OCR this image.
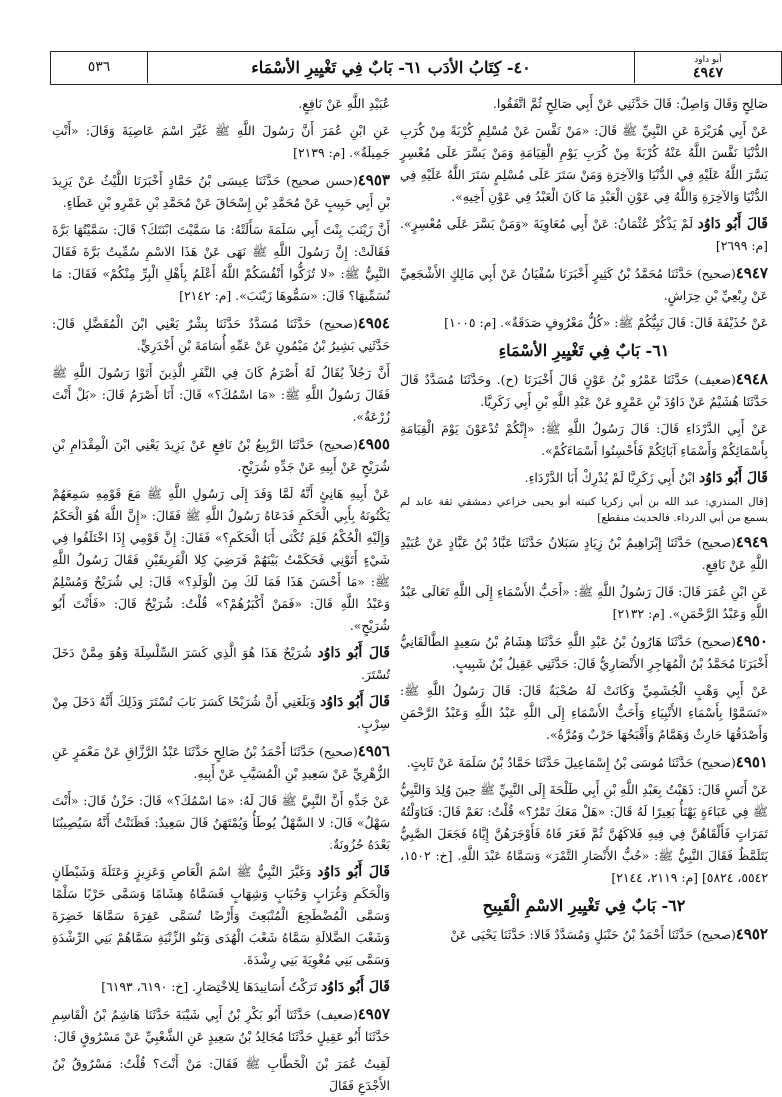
أبو داود
٤٩٤٧
٤٠- كِتَابُ الأدَب ٦١- بَابٌ فِي تَغْيِيرِ الأسْمَاء
٥٣٦

صَالِحٍ وَقَالَ وَاصِلٌ: قَالَ حَدَّثَنِي عَنْ أَبِي صَالِحٍ ثُمَّ اتَّفَقُوا.

عَنْ أَبِي هُرَيْرَةَ عَنِ النَّبِيِّ ﷺ قَالَ: «مَنْ نَفَّسَ عَنْ مُسْلِمٍ كُرْبَةً مِنْ كُرَبِ الدُّنْيَا نَفَّسَ اللَّهُ عَنْهُ كُرْبَةً مِنْ كُرَبِ يَوْمِ الْقِيَامَةِ وَمَنْ يَسَّرَ عَلَى مُعْسِرٍ يَسَّرَ اللَّهُ عَلَيْهِ فِي الدُّنْيَا وَالآخِرَةِ وَمَنْ سَتَرَ عَلَى مُسْلِمٍ سَتَرَ اللَّهُ عَلَيْهِ فِي الدُّنْيَا وَالآخِرَةِ وَاللَّهُ فِي عَوْنِ الْعَبْدِ مَا كَانَ الْعَبْدُ فِي عَوْنِ أَخِيهِ».

قَالَ أَبُو دَاوُد لَمْ يَذْكُرْ عُثْمَانُ: عَنْ أَبِي مُعَاوِيَةَ «وَمَنْ يَسَّرَ عَلَى مُعْسِرٍ». [م: ٢٦٩٩]

٤٩٤٧(صحيح) حَدَّثَنَا مُحَمَّدُ بْنُ كَثِيرٍ أَخْبَرَنَا سُفْيَانُ عَنْ أَبِي مَالِكٍ الأَشْجَعِيِّ عَنْ رِبْعِيِّ بْنِ حِرَاشٍ.

عَنْ حُذَيْفَةَ قَالَ: قَالَ نَبِيُّكُمْ ﷺ: «كُلُّ مَعْرُوفٍ صَدَقَةٌ». [م: ١٠٠٥]

٦١- بَابٌ فِي تَغْيِيرِ الأسْمَاءِ

٤٩٤٨(ضعيف) حَدَّثَنَا عَمْرُو بْنُ عَوْنٍ قَالَ أَخْبَرَنَا (ح). وحَدَّثَنَا مُسَدَّدٌ قَالَ حَدَّثَنَا هُشَيْمٌ عَنْ دَاوُدَ بْنِ عَمْرٍو عَنْ عَبْدِ اللَّهِ بْنِ أَبِي زَكَرِيَّا.

عَنْ أَبِي الدَّرْدَاءِ قَالَ: قَالَ رَسُولُ اللَّهِ ﷺ: «إِنَّكُمْ تُدْعَوْنَ يَوْمَ الْقِيَامَةِ بِأَسْمَائِكُمْ وَأَسْمَاءِ آبَائِكُمْ فَأَحْسِنُوا أَسْمَاءَكُمْ».

قَالَ أَبُو دَاوُد ابْنُ أَبِي زَكَرِيَّا لَمْ يُدْرِكْ أَبَا الدَّرْدَاءِ.

[قال المنذري: عبد الله بن أبي زكريا كنيته أبو يحيى خزاعي دمشقي ثقة عابد لم يسمع من أبي الدرداء. فالحديث منقطع]

٤٩٤٩(صحيح) حَدَّثَنَا إِبْرَاهِيمُ بْنُ زِيَادٍ سَبَلانُ حَدَّثَنَا عَبَّادُ بْنُ عَبَّادٍ عَنْ عُبَيْدِ اللَّهِ عَنْ نَافِعٍ.

عَنِ ابْنِ عُمَرَ قَالَ: قَالَ رَسُولُ اللَّهِ ﷺ: «أَحَبُّ الأَسْمَاءِ إِلَى اللَّهِ تَعَالَى عَبْدُ اللَّهِ وَعَبْدُ الرَّحْمَنِ». [م: ٢١٣٢]

٤٩٥٠(صحيح) حَدَّثَنَا هَارُونُ بْنُ عَبْدِ اللَّهِ حَدَّثَنَا هِشَامُ بْنُ سَعِيدٍ الطَّالَقَانِيُّ أَخْبَرَنَا مُحَمَّدُ بْنُ الْمُهَاجِرِ الأَنْصَارِيُّ قَالَ: حَدَّثَنِي عَقِيلُ بْنُ شَبِيبٍ.

عَنْ أَبِي وَهْبٍ الْجُشَمِيِّ وَكَانَتْ لَهُ صُحْبَةٌ قَالَ: قَالَ رَسُولُ اللَّهِ ﷺ: «تَسَمَّوْا بِأَسْمَاءِ الأَنْبِيَاءِ وَأَحَبُّ الأَسْمَاءِ إِلَى اللَّهِ عَبْدُ اللَّهِ وَعَبْدُ الرَّحْمَنِ وَأَصْدَقُهَا حَارِثٌ وَهَمَّامٌ وَأَقْبَحُهَا حَرْبٌ وَمُرَّةُ».

٤٩٥١(صحيح) حَدَّثَنَا مُوسَى بْنُ إِسْمَاعِيلَ حَدَّثَنَا حَمَّادُ بْنُ سَلَمَةَ عَنْ ثَابِتٍ.

عَنْ أَنَسٍ قَالَ: ذَهَبْتُ بِعَبْدِ اللَّهِ بْنِ أَبِي طَلْحَةَ إِلَى النَّبِيِّ ﷺ حِينَ وُلِدَ وَالنَّبِيُّ ﷺ فِي عَبَاءَةٍ يَهْنَأُ بَعِيرًا لَهُ قَالَ: «هَلْ مَعَكَ تَمْرٌ؟» قُلْتُ: نَعَمْ قَالَ: فَنَاوَلْتُهُ تَمَرَاتٍ فَأَلْقَاهُنَّ فِي فِيهِ فَلاكَهُنَّ ثُمَّ فَغَرَ فَاهُ فَأَوْجَرَهُنَّ إِيَّاهُ فَجَعَلَ الصَّبِيُّ يَتَلَمَّظُ فَقَالَ النَّبِيُّ ﷺ: «حُبُّ الأَنْصَارِ التَّمْرَ» وَسَمَّاهُ عَبْدَ اللَّهِ. [خ: ١٥٠٢، ٥٥٤٢، ٥٨٢٤] [م: ٢١١٩، ٢١٤٤]

٦٢- بَابٌ فِي تَغْيِيرِ الاسْمِ الْقَبِيحِ

٤٩٥٢(صحيح) حَدَّثَنَا أَحْمَدُ بْنُ حَنْبَلٍ وَمُسَدَّدٌ قَالا: حَدَّثَنَا يَحْيَى عَنْ

عُبَيْدِ اللَّهِ عَنْ نَافِعٍ.

عَنِ ابْنِ عُمَرَ أَنَّ رَسُولَ اللَّهِ ﷺ غَيَّرَ اسْمَ عَاصِيَةَ وَقَالَ: «أَنْتِ جَمِيلَةُ». [م: ٢١٣٩]

٤٩٥٣(حسن صحيح) حَدَّثَنَا عِيسَى بْنُ حَمَّادٍ أَخْبَرَنَا اللَّيْثُ عَنْ يَزِيدَ بْنِ أَبِي حَبِيبٍ عَنْ مُحَمَّدِ بْنِ إِسْحَاقَ عَنْ مُحَمَّدِ بْنِ عَمْرِو بْنِ عَطَاءٍ.

أَنَّ زَيْنَبَ بِنْتَ أَبِي سَلَمَةَ سَأَلَتْهُ: مَا سَمَّيْتَ ابْنَتَكَ؟ قَالَ: سَمَّيْتُهَا بَرَّةَ فَقَالَتْ: إِنَّ رَسُولَ اللَّهِ ﷺ نَهَى عَنْ هَذَا الاسْمِ سُمِّيتُ بَرَّةَ فَقَالَ النَّبِيُّ ﷺ: «لا تُزَكُّوا أَنْفُسَكُمْ اللَّهُ أَعْلَمُ بِأَهْلِ الْبِرِّ مِنْكُمْ» فَقَالَ: مَا نُسَمِّيهَا؟ قَالَ: «سَمُّوهَا زَيْنَبَ». [م: ٢١٤٢]

٤٩٥٤(صحيح) حَدَّثَنَا مُسَدَّدٌ حَدَّثَنَا بِشْرٌ يَعْنِي ابْنَ الْمُفَضَّلِ قَالَ: حَدَّثَنِي بَشِيرُ بْنُ مَيْمُونٍ عَنْ عَمِّهِ أُسَامَةَ بْنِ أَخْدَرِيٍّ.

أَنَّ رَجُلاً يُقَالُ لَهُ أَصْرَمُ كَانَ فِي النَّفَرِ الَّذِينَ أَتَوْا رَسُولَ اللَّهِ ﷺ فَقَالَ رَسُولُ اللَّهِ ﷺ: «مَا اسْمُكَ؟» قَالَ: أَنَا أَصْرَمُ قَالَ: «بَلْ أَنْتَ زُرْعَةُ».

٤٩٥٥(صحيح) حَدَّثَنَا الرَّبِيعُ بْنُ نَافِعٍ عَنْ يَزِيدَ يَعْنِي ابْنَ الْمِقْدَامِ بْنِ شُرَيْحٍ عَنْ أَبِيهِ عَنْ جَدِّهِ شُرَيْحٍ.

عَنْ أَبِيهِ هَانِئٍ أَنَّهُ لَمَّا وَفَدَ إِلَى رَسُولِ اللَّهِ ﷺ مَعَ قَوْمِهِ سَمِعَهُمْ يَكْنُونَهُ بِأَبِي الْحَكَمِ فَدَعَاهُ رَسُولُ اللَّهِ ﷺ فَقَالَ: «إِنَّ اللَّهَ هُوَ الْحَكَمُ وَإِلَيْهِ الْحُكْمُ فَلِمَ تُكْنَى أَبَا الْحَكَمِ؟» فَقَالَ: إِنَّ قَوْمِي إِذَا اخْتَلَفُوا فِي شَيْءٍ أَتَوْنِي فَحَكَمْتُ بَيْنَهُمْ فَرَضِيَ كِلا الْفَرِيقَيْنِ فَقَالَ رَسُولُ اللَّهِ ﷺ: «مَا أَحْسَنَ هَذَا فَمَا لَكَ مِنَ الْوَلَدِ؟» قَالَ: لِي شُرَيْحٌ وَمُسْلِمٌ وَعَبْدُ اللَّهِ قَالَ: «فَمَنْ أَكْبَرُهُمْ؟» قُلْتُ: شُرَيْحٌ قَالَ: «فَأَنْتَ أَبُو شُرَيْحٍ».

قَالَ أَبُو دَاوُد شُرَيْحٌ هَذَا هُوَ الَّذِي كَسَرَ السِّلْسِلَةَ وَهُوَ مِمَّنْ دَخَلَ تُسْتَرَ.

قَالَ أَبُو دَاوُد وَبَلَغَنِي أَنَّ شُرَيْحًا كَسَرَ بَابَ تُسْتَرَ وَذَلِكَ أَنَّهُ دَخَلَ مِنْ سِرْبٍ.

٤٩٥٦(صحيح) حَدَّثَنَا أَحْمَدُ بْنُ صَالِحٍ حَدَّثَنَا عَبْدُ الرَّزَّاقِ عَنْ مَعْمَرٍ عَنِ الزُّهْرِيِّ عَنْ سَعِيدِ بْنِ الْمُسَيَّبِ عَنْ أَبِيهِ.

عَنْ جَدِّهِ أَنَّ النَّبِيَّ ﷺ قَالَ لَهُ: «مَا اسْمُكَ؟» قَالَ: حَزْنٌ قَالَ: «أَنْتَ سَهْلٌ» قَالَ: لا السَّهْلُ يُوطَأُ وَيُمْتَهَنُ قَالَ سَعِيدٌ: فَظَنَنْتُ أَنَّهُ سَيُصِيبُنَا بَعْدَهُ حُزُونَةٌ.

قَالَ أَبُو دَاوُد وَغَيَّرَ النَّبِيُّ ﷺ اسْمَ الْعَاصِ وَعَزِيزٍ وَعَتَلَةَ وَشَيْطَانٍ وَالْحَكَمِ وَغُرَابٍ وَحُبَابٍ وَشِهَابٍ فَسَمَّاهُ هِشَامًا وَسَمَّى حَرْبًا سَلْمًا وَسَمَّى الْمُضْطَجِعَ الْمُنْبَعِثَ وَأَرْضًا تُسَمَّى عَفِرَةَ سَمَّاهَا خَضِرَةَ وَشَعْبَ الضَّلالَةِ سَمَّاهُ شَعْبَ الْهُدَى وَبَنُو الزِّنْيَةِ سَمَّاهُمْ بَنِي الرِّشْدَةِ وَسَمَّى بَنِي مُغْوِيَةَ بَنِي رِشْدَةَ.

قَالَ أَبُو دَاوُد تَرَكْتُ أَسَانِيدَهَا لِلاخْتِصَارِ. [خ: ٦١٩٠، ٦١٩٣]

٤٩٥٧(ضعيف) حَدَّثَنَا أَبُو بَكْرِ بْنُ أَبِي شَيْبَةَ حَدَّثَنَا هَاشِمُ بْنُ الْقَاسِمِ حَدَّثَنَا أَبُو عَقِيلٍ حَدَّثَنَا مُجَالِدُ بْنُ سَعِيدٍ عَنِ الشَّعْبِيِّ عَنْ مَسْرُوقٍ قَالَ:

لَقِيتُ عُمَرَ بْنَ الْخَطَّابِ ﷺ فَقَالَ: مَنْ أَنْتَ؟ قُلْتُ: مَسْرُوقُ بْنُ الأَجْدَعِ فَقَالَ
